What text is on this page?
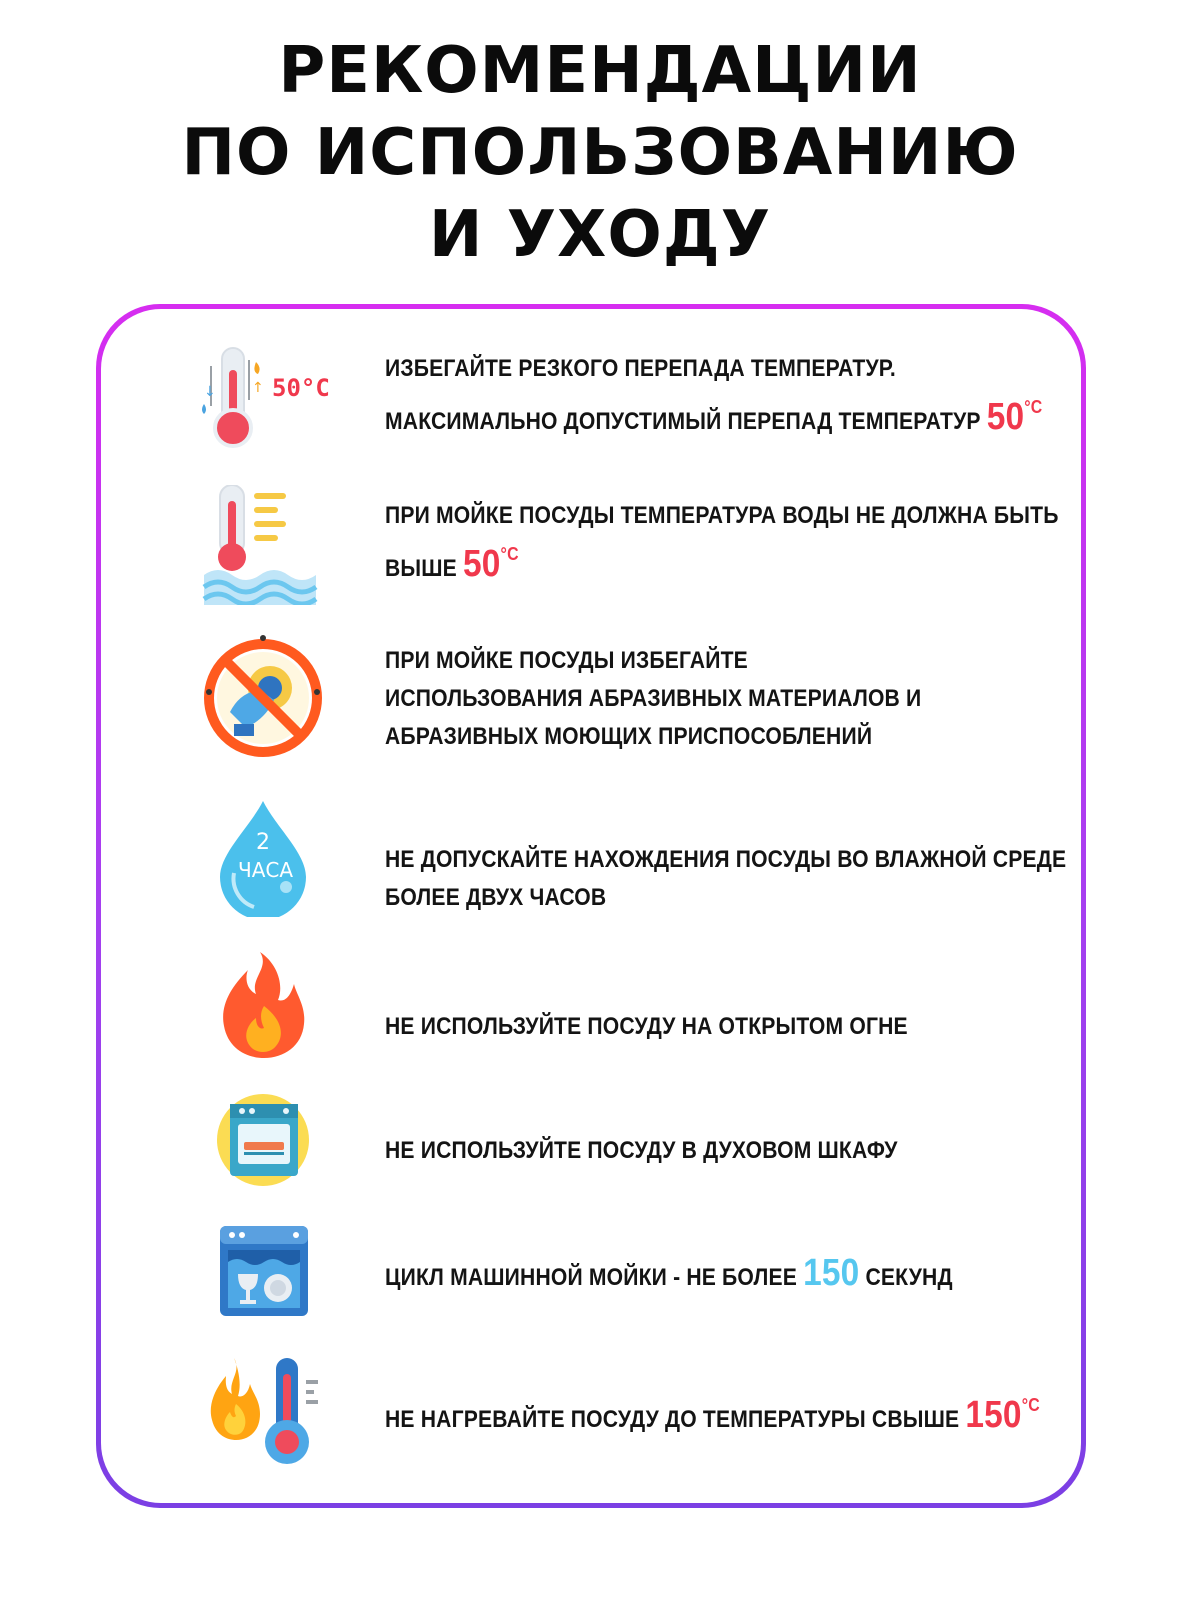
РЕКОМЕНДАЦИИ
ПО ИСПОЛЬЗОВАНИЮ
И УХОДУ
↓	↑ 50°C
ИЗБЕГАЙТЕ РЕЗКОГО ПЕРЕПАДА ТЕМПЕРАТУР.
МАКСИМАЛЬНО ДОПУСТИМЫЙ ПЕРЕПАД ТЕМПЕРАТУР $50^{^\circ C}$
ПРИ МОЙКЕ ПОСУДЫ ТЕМПЕРАТУРА ВОДЫ НЕ ДОЛЖНА БЫТЬ
ВЫШЕ $50^{^\circ C}$
ПРИ МОЙКЕ ПОСУДЫ ИЗБЕГАЙТЕ
ИСПОЛЬЗОВАНИЯ АБРАЗИВНЫХ МАТЕРИАЛОВ И
АБРАЗИВНЫХ МОЮЩИХ ПРИСПОСОБЛЕНИЙ
2
ЧАСА	НЕ ДОПУСКАЙТЕ НАХОЖДЕНИЯ ПОСУДЫ ВО ВЛАЖНОЙ СРЕДЕ
БОЛЕЕ ДВУХ ЧАСОВ
НЕ ИСПОЛЬЗУЙТЕ ПОСУДУ НА ОТКРЫТОМ ОГНЕ
НЕ ИСПОЛЬЗУЙТЕ ПОСУДУ В ДУХОВОМ ШКАФУ
ЦИКЛ МАШИННОЙ МОЙКИ - НЕ БОЛЕЕ 150 СЕКУНД
НЕ НАГРЕВАЙТЕ ПОСУДУ ДО ТЕМПЕРАТУРЫ СВЫШЕ $150^{^\circ C}$
